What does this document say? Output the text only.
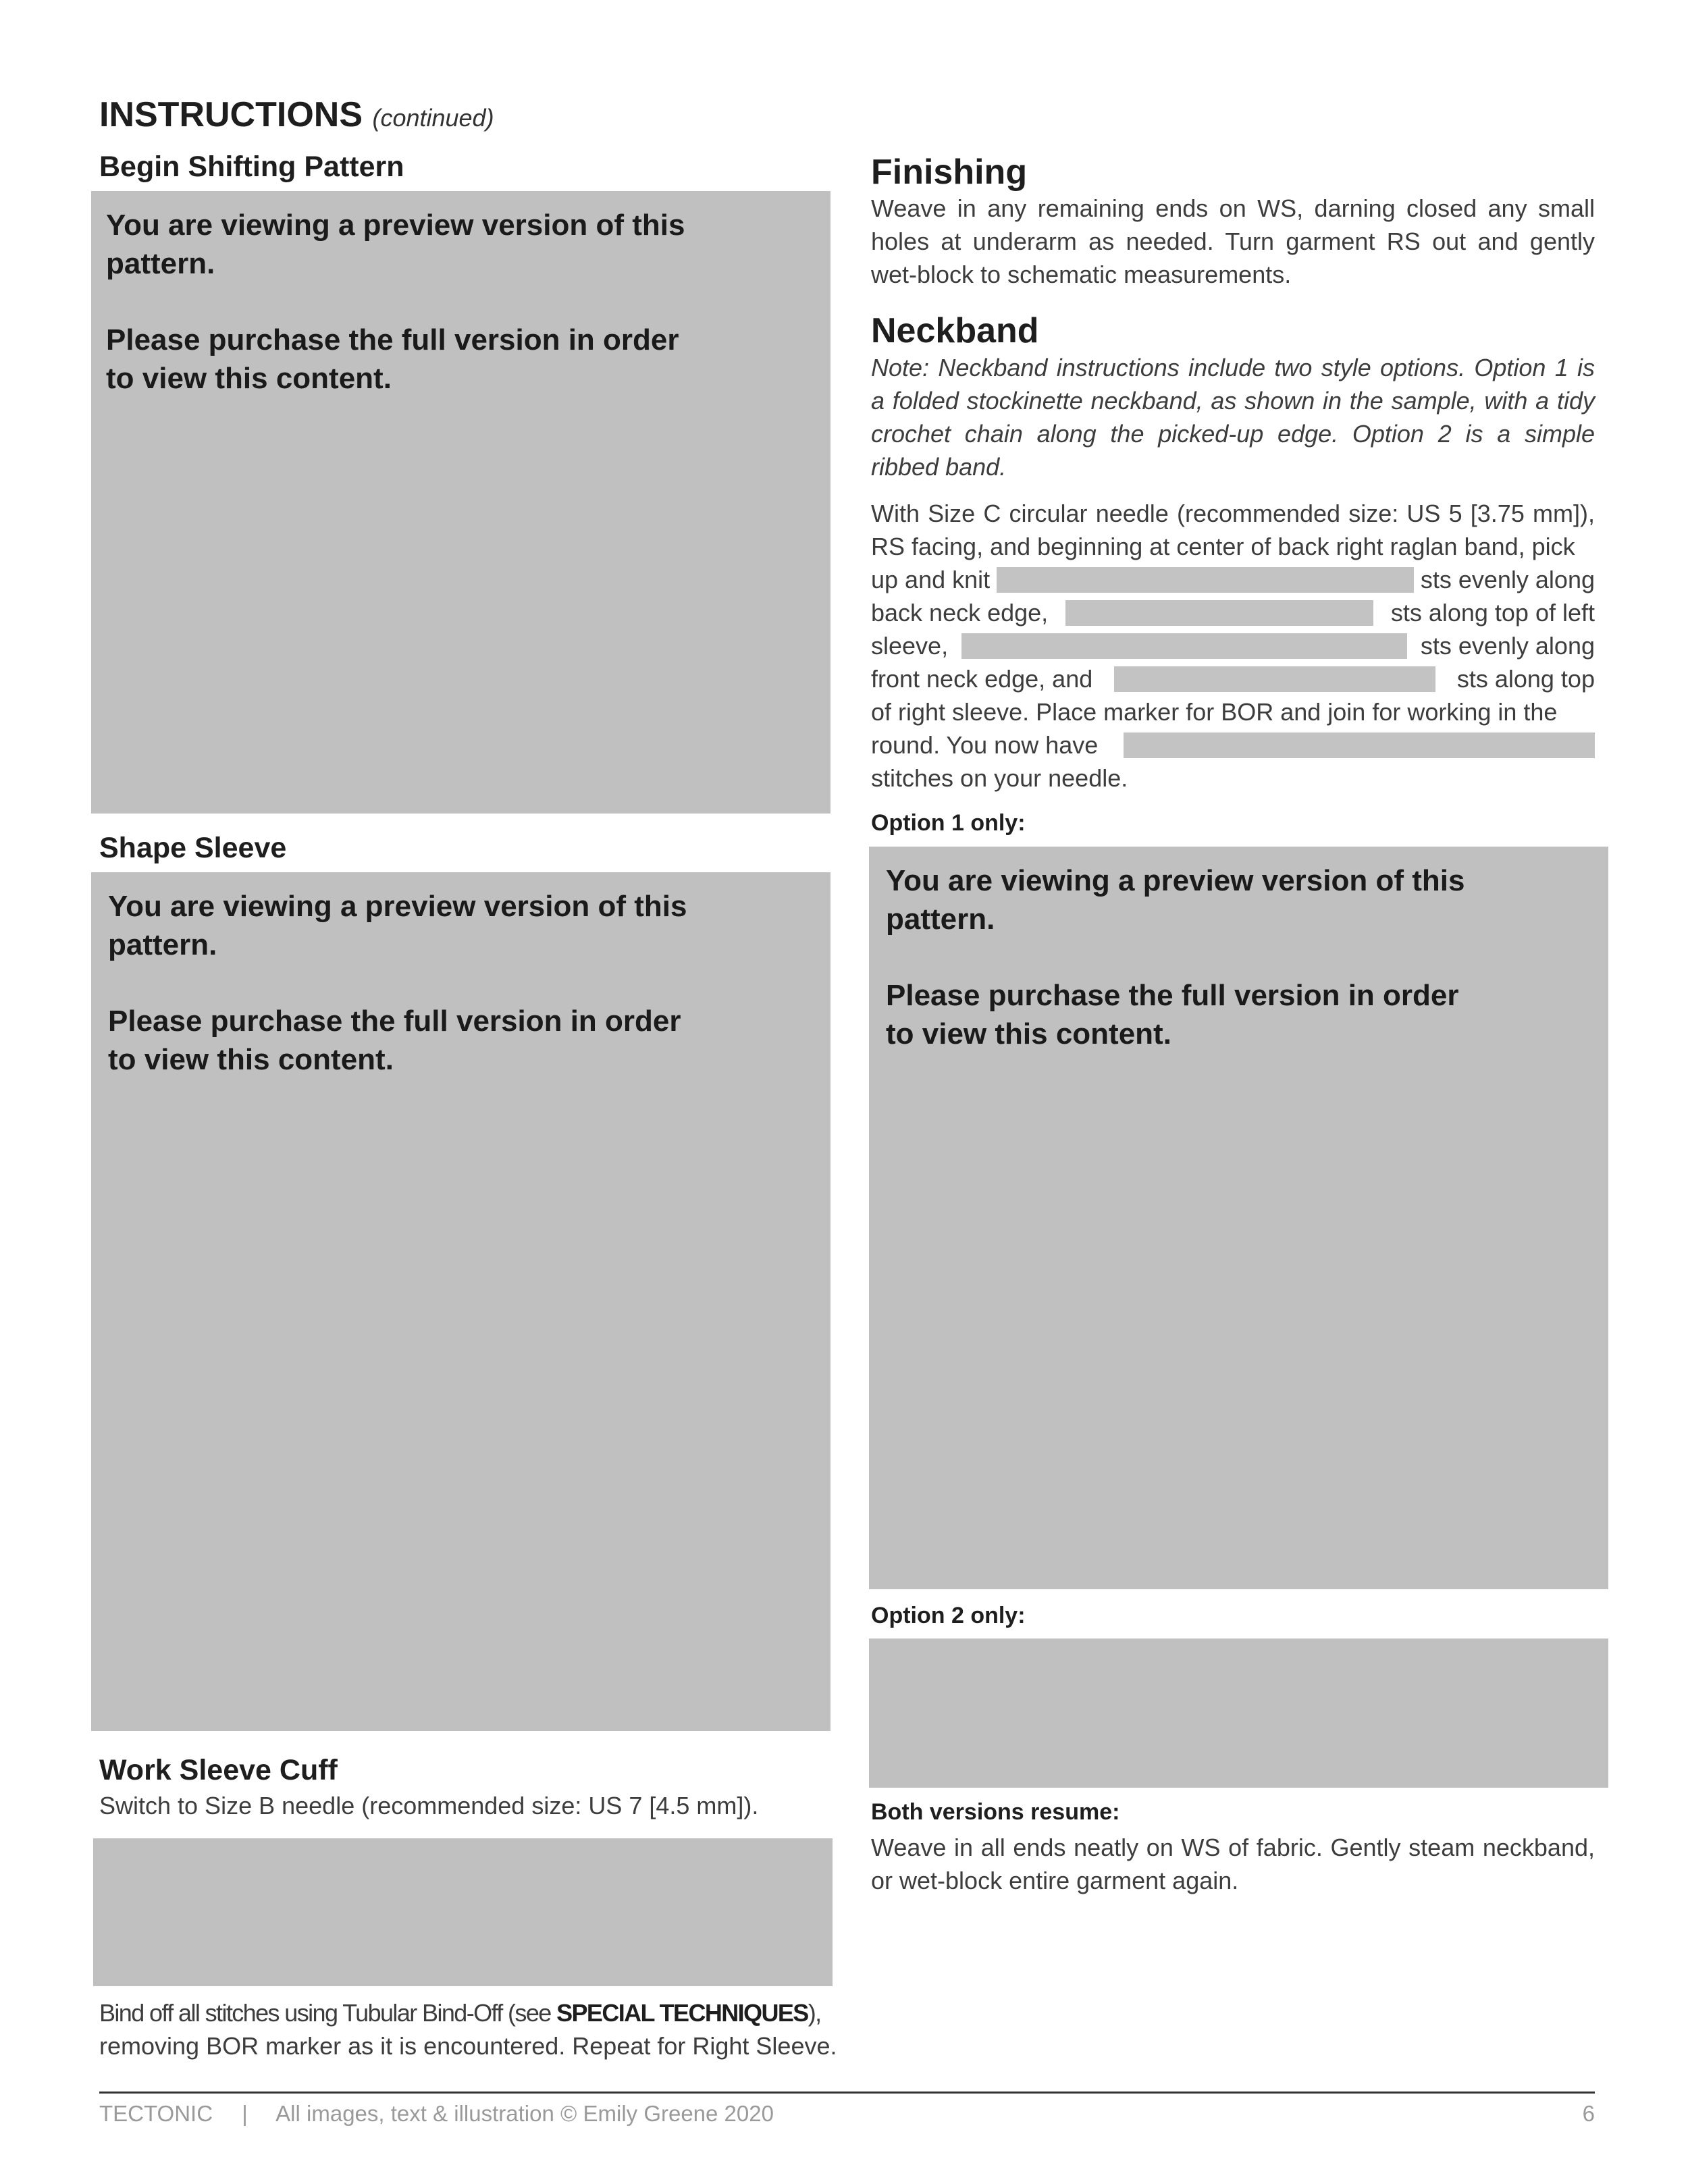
INSTRUCTIONS (continued)
Begin Shifting Pattern

You are viewing a preview version of this pattern.

Please purchase the full version in order to view this content.

Shape Sleeve

You are viewing a preview version of this pattern.

Please purchase the full version in order to view this content.

Work Sleeve Cuff
Switch to Size B needle (recommended size: US 7 [4.5 mm]).
Bind off all stitches using Tubular Bind-Off (see SPECIAL TECHNIQUES),
removing BOR marker as it is encountered. Repeat for Right Sleeve.
Finishing
Weave in any remaining ends on WS, darning closed any small holes at underarm as needed. Turn garment RS out and gently wet-block to schematic measurements.
Neckband
Note: Neckband instructions include two style options. Option 1 is a folded stockinette neckband, as shown in the sample, with a tidy crochet chain along the picked-up edge. Option 2 is a simple ribbed band.
With Size C circular needle (recommended size: US 5 [3.75 mm]), RS facing, and beginning at center of back right raglan band, pick
up and knit	sts evenly along
back neck edge,	sts along top of left
sleeve,	sts evenly along
front neck edge, and	sts along top
of right sleeve. Place marker for BOR and join for working in the
round. You now have
stitches on your needle.
Option 1 only:

You are viewing a preview version of this pattern.

Please purchase the full version in order to view this content.

Option 2 only:
Both versions resume:
Weave in all ends neatly on WS of fabric. Gently steam neckband, or wet-block entire garment again.
TECTONIC | All images, text & illustration © Emily Greene 2020	6
